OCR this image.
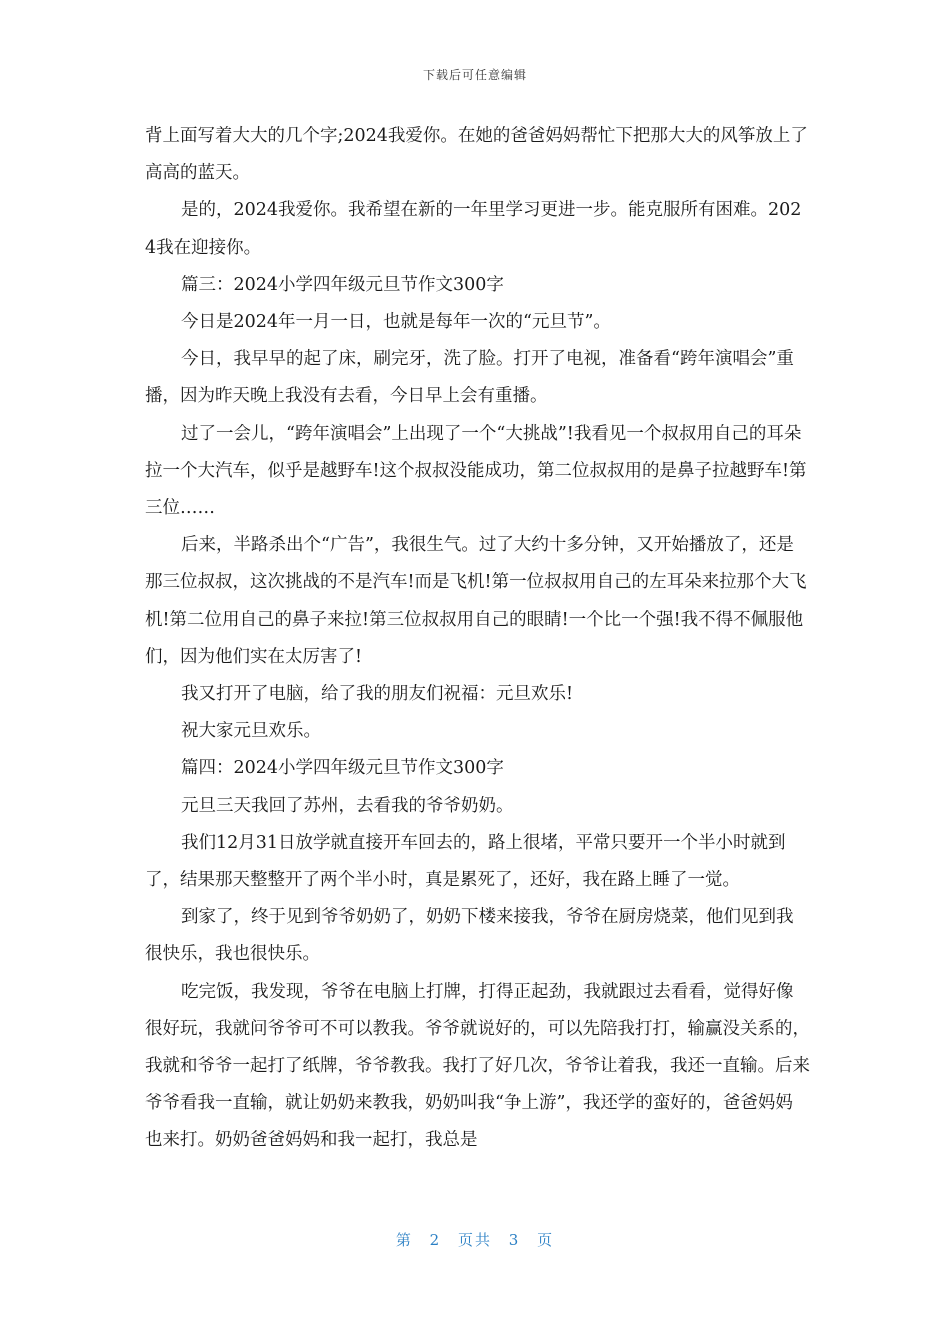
下载后可任意编辑

背上面写着大大的几个字;2024我爱你。在她的爸爸妈妈帮忙下把那大大的风筝放上了高高的蓝天。

是的，2024我爱你。我希望在新的一年里学习更进一步。能克服所有困难。2024我在迎接你。

篇三：2024小学四年级元旦节作文300字

今日是2024年一月一日，也就是每年一次的“元旦节”。

今日，我早早的起了床，刷完牙，洗了脸。打开了电视，准备看“跨年演唱会”重播，因为昨天晚上我没有去看，今日早上会有重播。

过了一会儿，“跨年演唱会”上出现了一个“大挑战”!我看见一个叔叔用自己的耳朵拉一个大汽车，似乎是越野车!这个叔叔没能成功，第二位叔叔用的是鼻子拉越野车!第三位……

后来，半路杀出个“广告”，我很生气。过了大约十多分钟，又开始播放了，还是那三位叔叔，这次挑战的不是汽车!而是飞机!第一位叔叔用自己的左耳朵来拉那个大飞机!第二位用自己的鼻子来拉!第三位叔叔用自己的眼睛!一个比一个强!我不得不佩服他们，因为他们实在太厉害了!

我又打开了电脑，给了我的朋友们祝福：元旦欢乐!

祝大家元旦欢乐。

篇四：2024小学四年级元旦节作文300字

元旦三天我回了苏州，去看我的爷爷奶奶。

我们12月31日放学就直接开车回去的，路上很堵，平常只要开一个半小时就到了，结果那天整整开了两个半小时，真是累死了，还好，我在路上睡了一觉。

到家了，终于见到爷爷奶奶了，奶奶下楼来接我，爷爷在厨房烧菜，他们见到我很快乐，我也很快乐。

吃完饭，我发现，爷爷在电脑上打牌，打得正起劲，我就跟过去看看，觉得好像很好玩，我就问爷爷可不可以教我。爷爷就说好的，可以先陪我打打，输赢没关系的，我就和爷爷一起打了纸牌，爷爷教我。我打了好几次，爷爷让着我，我还一直输。后来爷爷看我一直输，就让奶奶来教我，奶奶叫我“争上游”，我还学的蛮好的，爸爸妈妈也来打。奶奶爸爸妈妈和我一起打，我总是

第 2 页共 3 页
